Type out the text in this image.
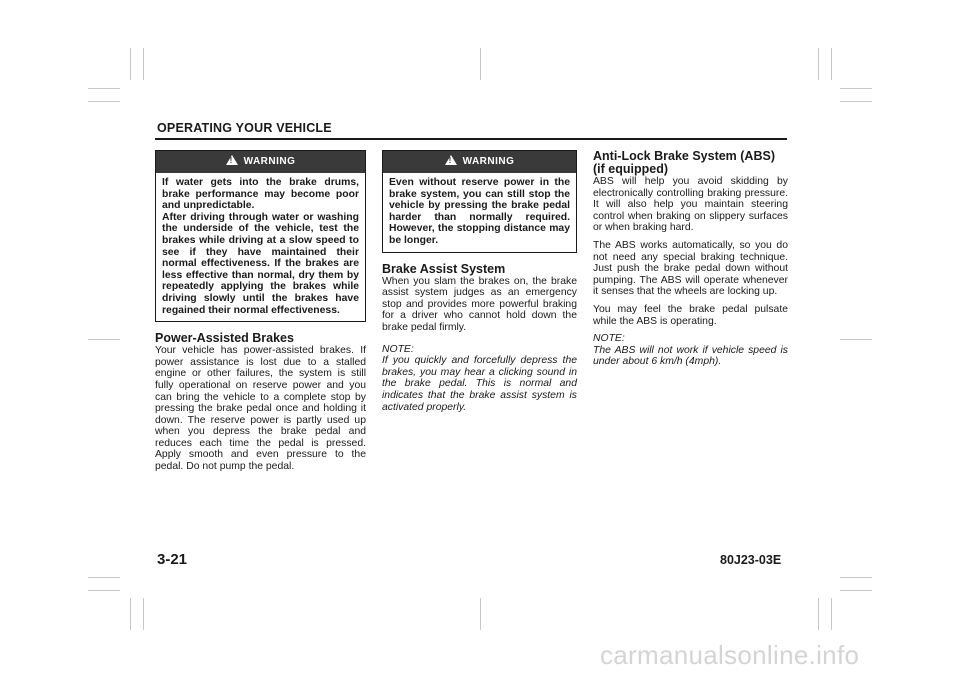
OPERATING YOUR VEHICLE
! WARNING
If water gets into the brake drums, brake performance may become poor and unpredictable.
After driving through water or washing the underside of the vehicle, test the brakes while driving at a slow speed to see if they have maintained their normal effectiveness. If the brakes are less effective than normal, dry them by repeatedly applying the brakes while driving slowly until the brakes have regained their normal effectiveness.
Power-Assisted Brakes

Your vehicle has power-assisted brakes. If power assistance is lost due to a stalled engine or other failures, the system is still fully operational on reserve power and you can bring the vehicle to a complete stop by pressing the brake pedal once and holding it down. The reserve power is partly used up when you depress the brake pedal and reduces each time the pedal is pressed. Apply smooth and even pressure to the pedal. Do not pump the pedal.

! WARNING
Even without reserve power in the brake system, you can still stop the vehicle by pressing the brake pedal harder than normally required. However, the stopping distance may be longer.
Brake Assist System

When you slam the brakes on, the brake assist system judges as an emergency stop and provides more powerful braking for a driver who cannot hold down the brake pedal firmly.

NOTE:

If you quickly and forcefully depress the brakes, you may hear a clicking sound in the brake pedal. This is normal and indicates that the brake assist system is activated properly.

Anti-Lock Brake System (ABS)
(if equipped)

ABS will help you avoid skidding by electronically controlling braking pressure. It will also help you maintain steering control when braking on slippery surfaces or when braking hard.

The ABS works automatically, so you do not need any special braking technique. Just push the brake pedal down without pumping. The ABS will operate whenever it senses that the wheels are locking up.

You may feel the brake pedal pulsate while the ABS is operating.

NOTE:

The ABS will not work if vehicle speed is under about 6 km/h (4mph).

3-21	80J23-03E
carmanualsonline.info
